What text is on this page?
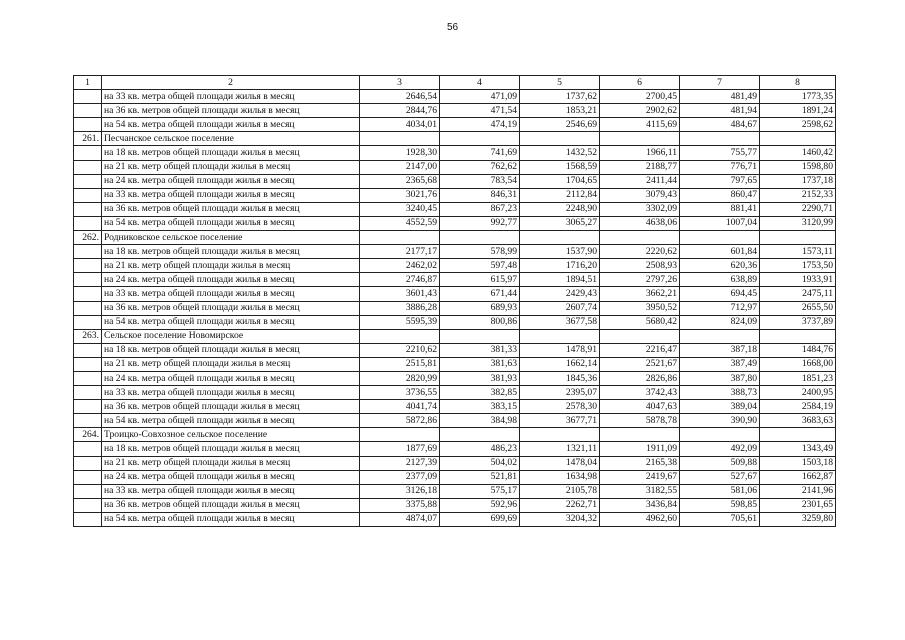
56
1	2	3	4	5	6	7	8
	на 33 кв. метра общей площади жилья в месяц	2646,54	471,09	1737,62	2700,45	481,49	1773,35
	на 36 кв. метров общей площади жилья в месяц	2844,76	471,54	1853,21	2902,62	481,94	1891,24
	на 54 кв. метра общей площади жилья в месяц	4034,01	474,19	2546,69	4115,69	484,67	2598,62
261.	Песчанское сельское поселение						
	на 18 кв. метров общей площади жилья в месяц	1928,30	741,69	1432,52	1966,11	755,77	1460,42
	на 21 кв. метр общей площади жилья в месяц	2147,00	762,62	1568,59	2188,77	776,71	1598,80
	на 24 кв. метра общей площади жилья в месяц	2365,68	783,54	1704,65	2411,44	797,65	1737,18
	на 33 кв. метра общей площади жилья в месяц	3021,76	846,31	2112,84	3079,43	860,47	2152,33
	на 36 кв. метров общей площади жилья в месяц	3240,45	867,23	2248,90	3302,09	881,41	2290,71
	на 54 кв. метра общей площади жилья в месяц	4552,59	992,77	3065,27	4638,06	1007,04	3120,99
262.	Родниковское сельское поселение						
	на 18 кв. метров общей площади жилья в месяц	2177,17	578,99	1537,90	2220,62	601,84	1573,11
	на 21 кв. метр общей площади жилья в месяц	2462,02	597,48	1716,20	2508,93	620,36	1753,50
	на 24 кв. метра общей площади жилья в месяц	2746,87	615,97	1894,51	2797,26	638,89	1933,91
	на 33 кв. метра общей площади жилья в месяц	3601,43	671,44	2429,43	3662,21	694,45	2475,11
	на 36 кв. метров общей площади жилья в месяц	3886,28	689,93	2607,74	3950,52	712,97	2655,50
	на 54 кв. метра общей площади жилья в месяц	5595,39	800,86	3677,58	5680,42	824,09	3737,89
263.	Сельское поселение Новомирское						
	на 18 кв. метров общей площади жилья в месяц	2210,62	381,33	1478,91	2216,47	387,18	1484,76
	на 21 кв. метр общей площади жилья в месяц	2515,81	381,63	1662,14	2521,67	387,49	1668,00
	на 24 кв. метра общей площади жилья в месяц	2820,99	381,93	1845,36	2826,86	387,80	1851,23
	на 33 кв. метра общей площади жилья в месяц	3736,55	382,85	2395,07	3742,43	388,73	2400,95
	на 36 кв. метров общей площади жилья в месяц	4041,74	383,15	2578,30	4047,63	389,04	2584,19
	на 54 кв. метра общей площади жилья в месяц	5872,86	384,98	3677,71	5878,78	390,90	3683,63
264.	Троицко-Совхозное сельское поселение						
	на 18 кв. метров общей площади жилья в месяц	1877,69	486,23	1321,11	1911,09	492,09	1343,49
	на 21 кв. метр общей площади жилья в месяц	2127,39	504,02	1478,04	2165,38	509,88	1503,18
	на 24 кв. метра общей площади жилья в месяц	2377,09	521,81	1634,98	2419,67	527,67	1662,87
	на 33 кв. метра общей площади жилья в месяц	3126,18	575,17	2105,78	3182,55	581,06	2141,96
	на 36 кв. метров общей площади жилья в месяц	3375,88	592,96	2262,71	3436,84	598,85	2301,65
	на 54 кв. метра общей площади жилья в месяц	4874,07	699,69	3204,32	4962,60	705,61	3259,80
